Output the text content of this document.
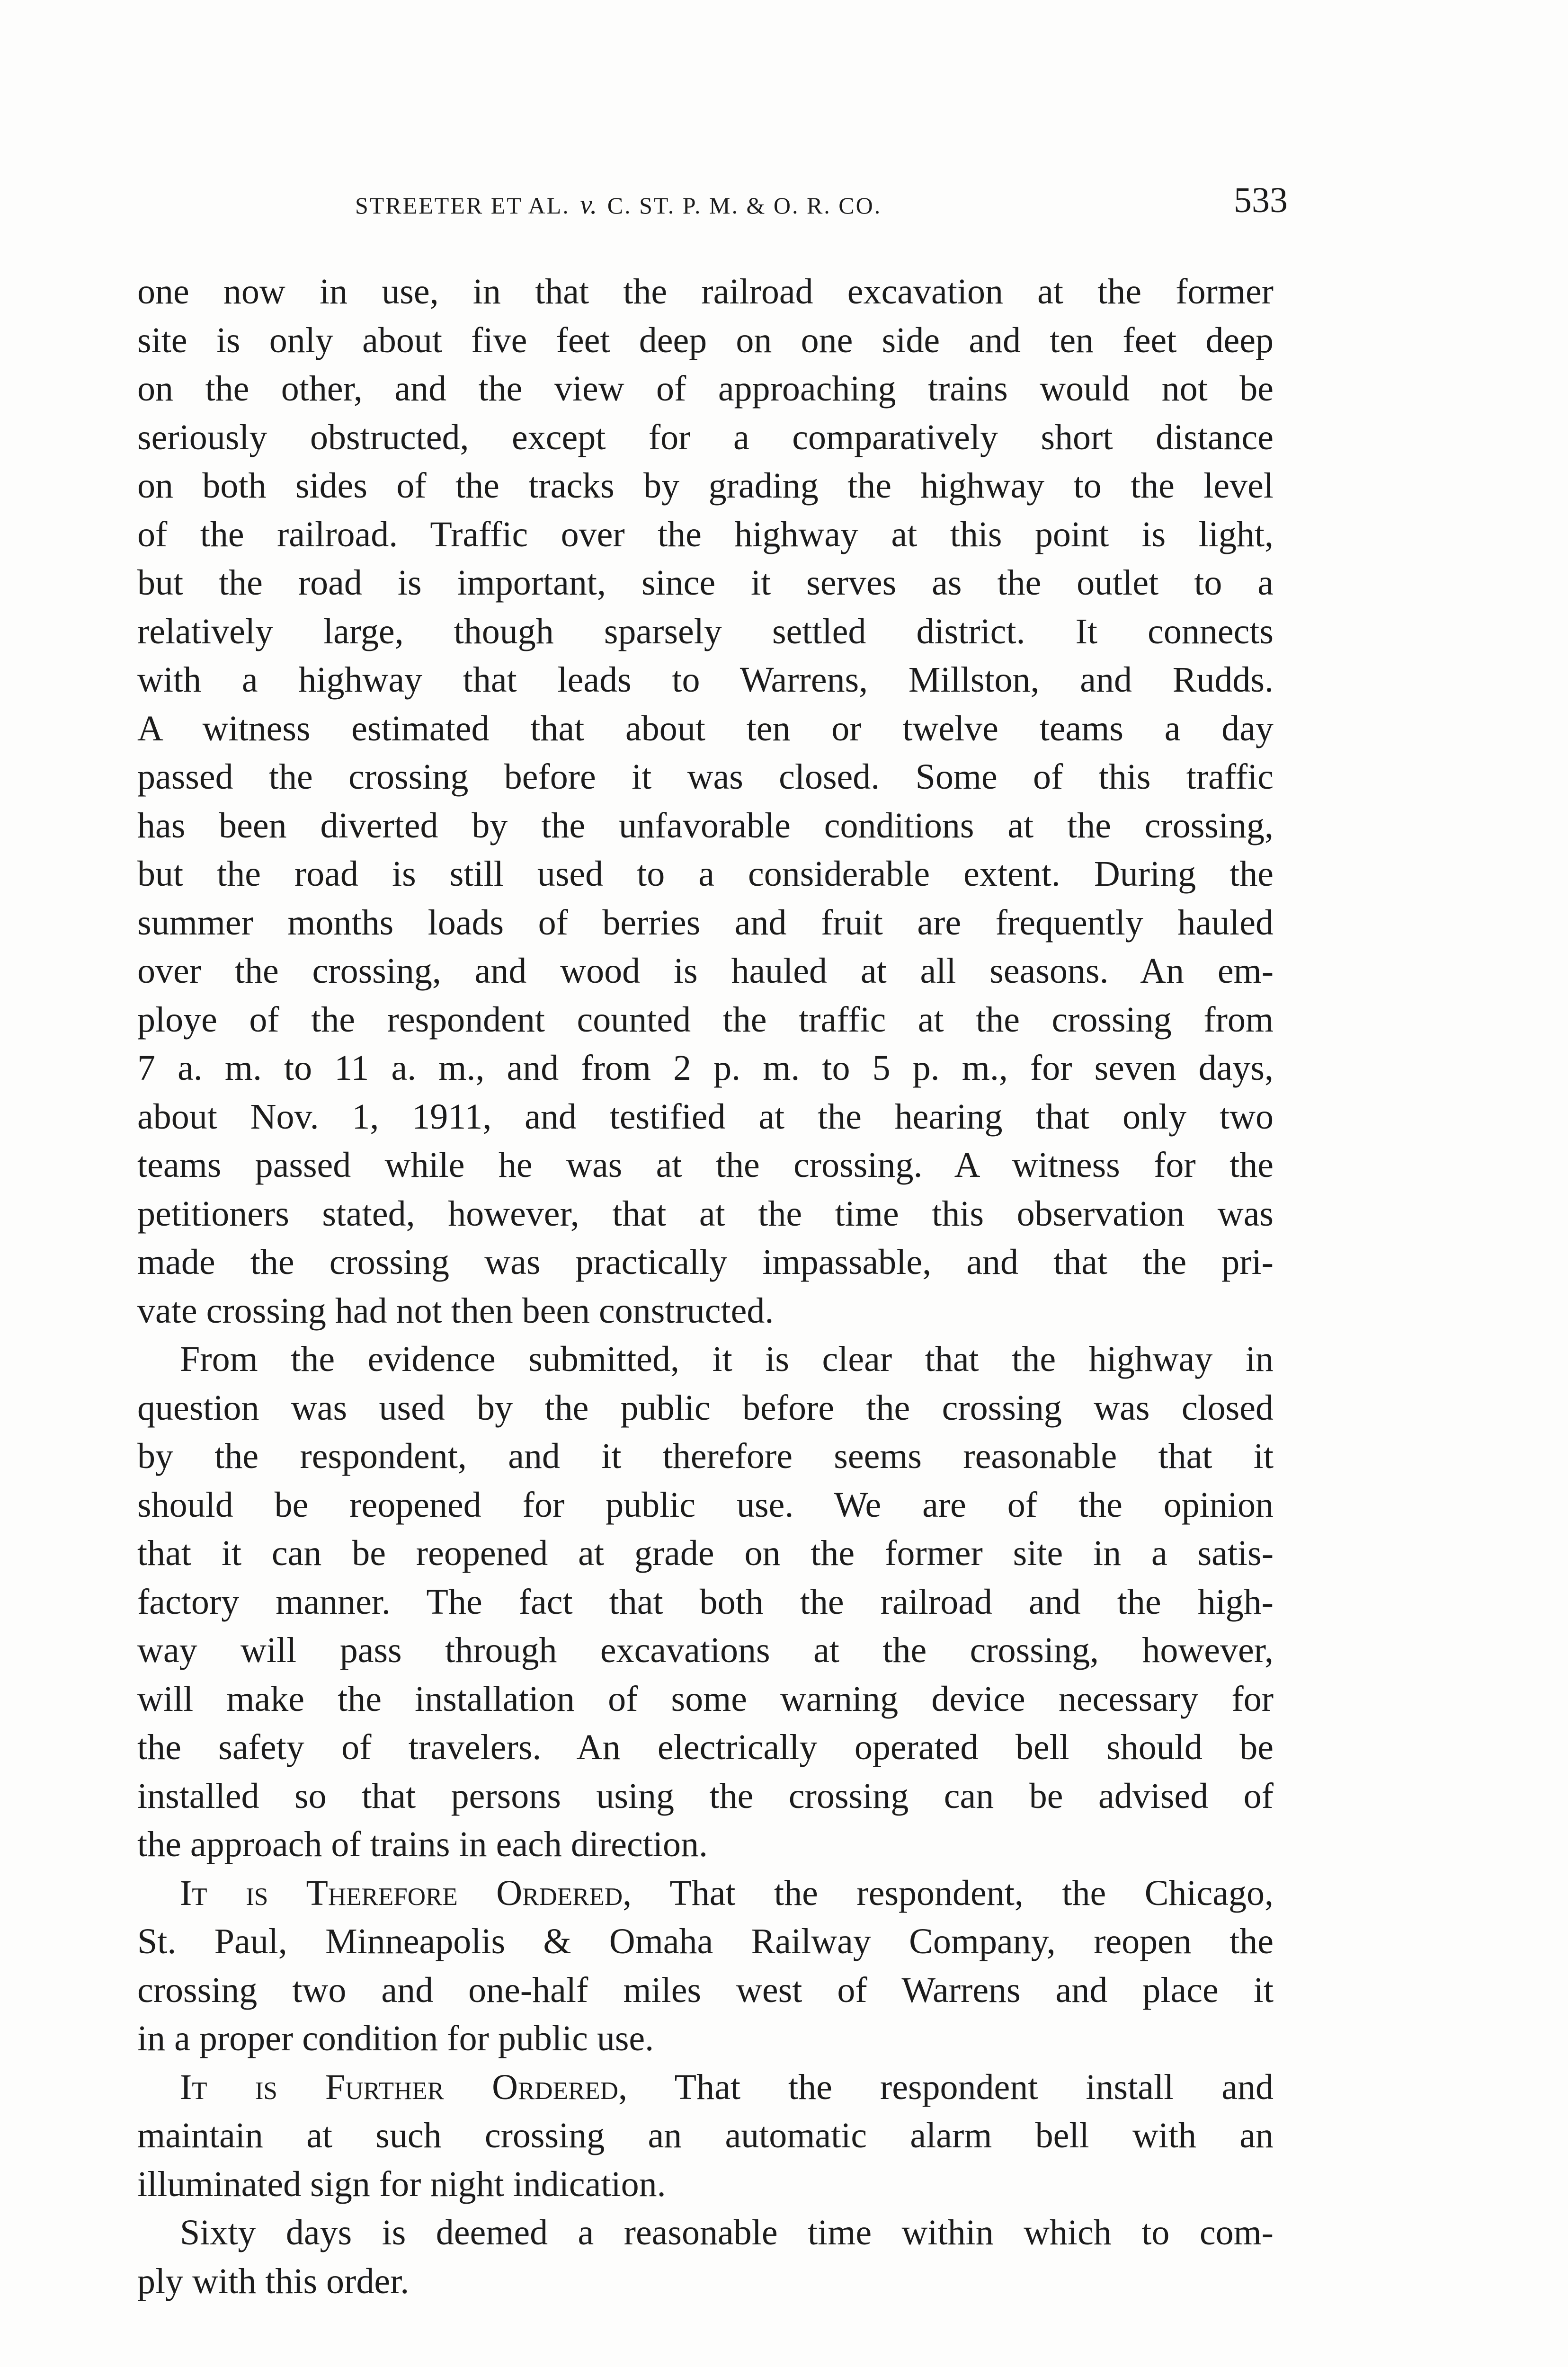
STREETER ET AL. v. C. ST. P. M. & O. R. CO.	533
one now in use, in that the railroad excavation at the former
site is only about five feet deep on one side and ten feet deep
on the other, and the view of approaching trains would not be
seriously obstructed, except for a comparatively short distance
on both sides of the tracks by grading the highway to the level
of the railroad. Traffic over the highway at this point is light,
but the road is important, since it serves as the outlet to a
relatively large, though sparsely settled district. It connects
with a highway that leads to Warrens, Millston, and Rudds.
A witness estimated that about ten or twelve teams a day
passed the crossing before it was closed. Some of this traffic
has been diverted by the unfavorable conditions at the crossing,
but the road is still used to a considerable extent. During the
summer months loads of berries and fruit are frequently hauled
over the crossing, and wood is hauled at all seasons. An em-
ploye of the respondent counted the traffic at the crossing from
7 a. m. to 11 a. m., and from 2 p. m. to 5 p. m., for seven days,
about Nov. 1, 1911, and testified at the hearing that only two
teams passed while he was at the crossing. A witness for the
petitioners stated, however, that at the time this observation was
made the crossing was practically impassable, and that the pri-
vate crossing had not then been constructed.
From the evidence submitted, it is clear that the highway in
question was used by the public before the crossing was closed
by the respondent, and it therefore seems reasonable that it
should be reopened for public use. We are of the opinion
that it can be reopened at grade on the former site in a satis-
factory manner. The fact that both the railroad and the high-
way will pass through excavations at the crossing, however,
will make the installation of some warning device necessary for
the safety of travelers. An electrically operated bell should be
installed so that persons using the crossing can be advised of
the approach of trains in each direction.
It is Therefore Ordered, That the respondent, the Chicago,
St. Paul, Minneapolis & Omaha Railway Company, reopen the
crossing two and one-half miles west of Warrens and place it
in a proper condition for public use.
It is Further Ordered, That the respondent install and
maintain at such crossing an automatic alarm bell with an
illuminated sign for night indication.
Sixty days is deemed a reasonable time within which to com-
ply with this order.
